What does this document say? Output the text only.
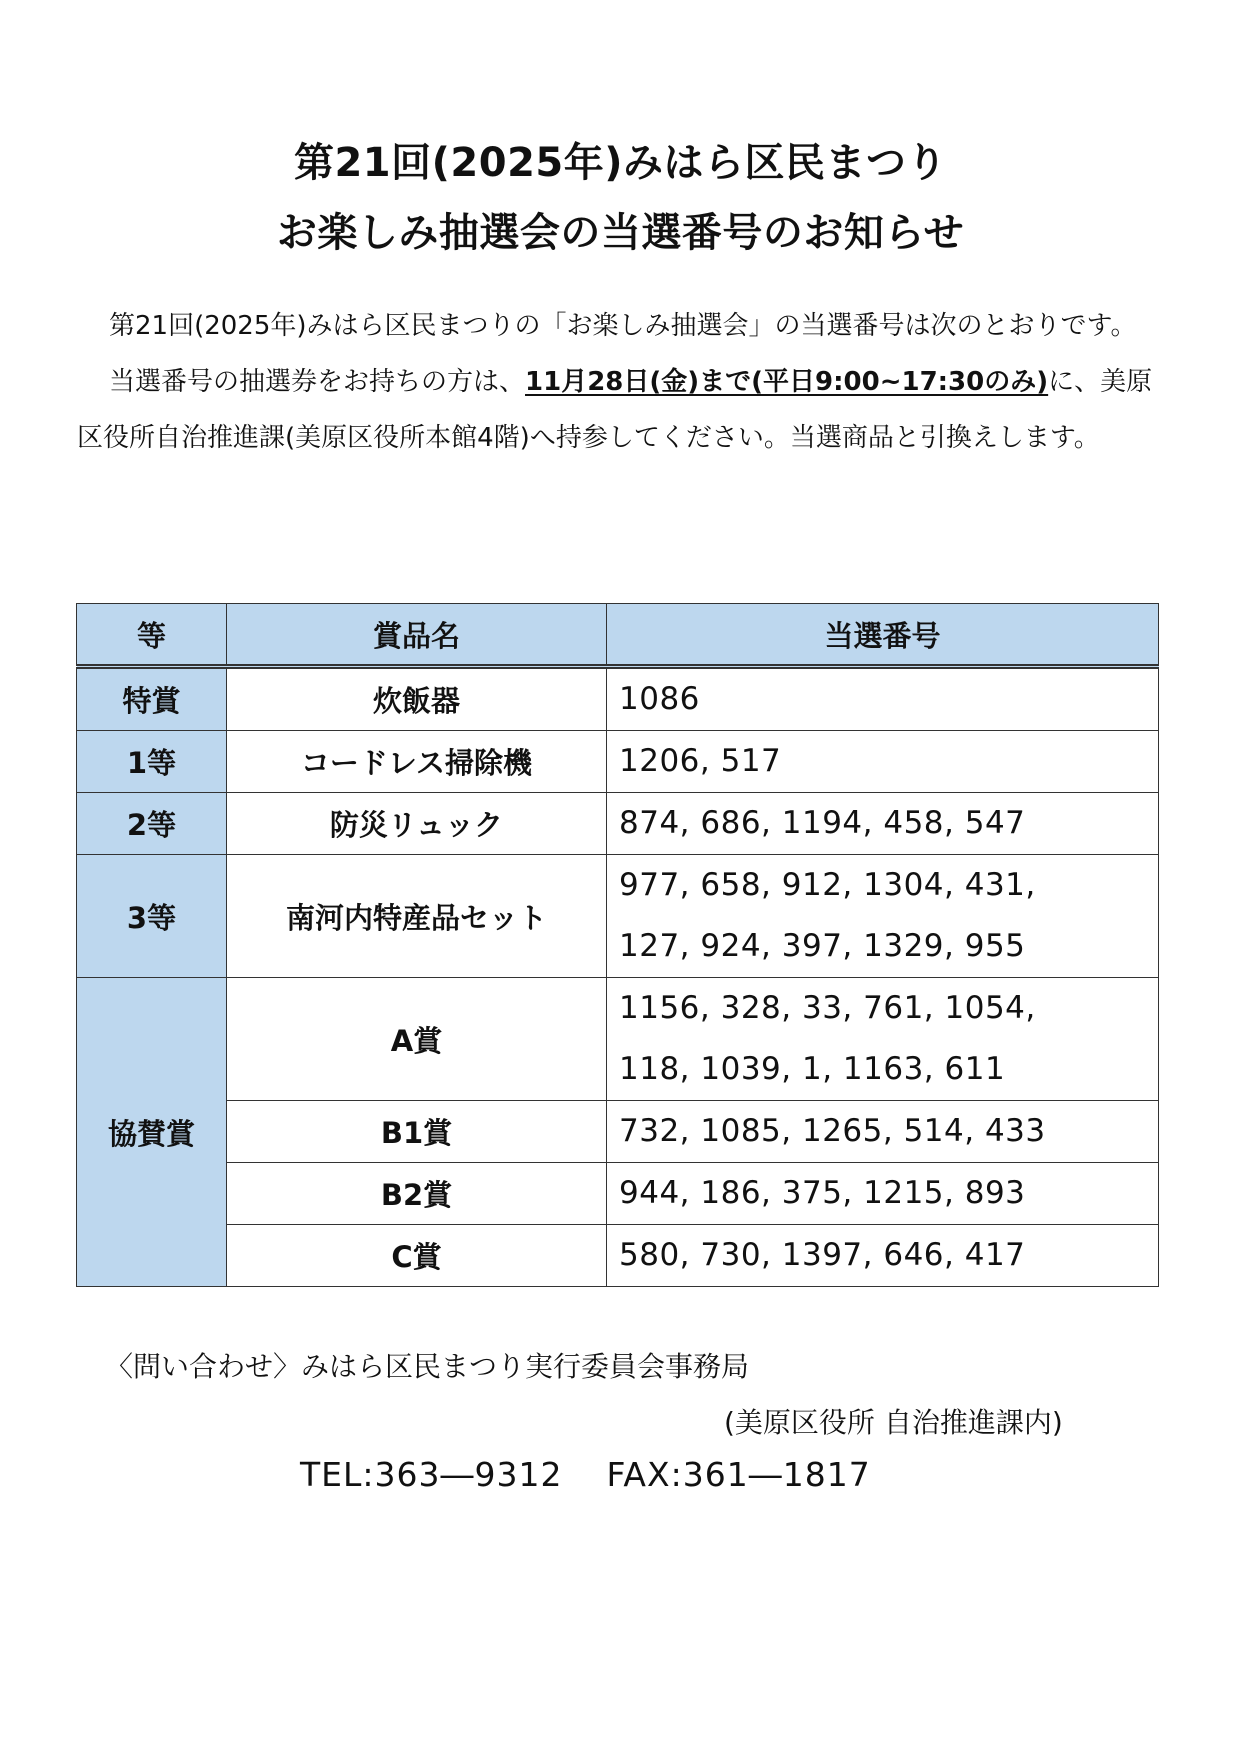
第21回(2025年)みはら区民まつり
お楽しみ抽選会の当選番号のお知らせ

第21回(2025年)みはら区民まつりの「お楽しみ抽選会」の当選番号は次のとおりです。

当選番号の抽選券をお持ちの方は、11月28日(金)まで(平日9:00~17:30のみ)に、美原区役所自治推進課(美原区役所本館4階)へ持参してください。当選商品と引換えします。

等	賞品名	当選番号
特賞	炊飯器	1086
1等	コードレス掃除機	1206, 517
2等	防災リュック	874, 686, 1194, 458, 547
3等	南河内特産品セット	977, 658, 912, 1304, 431,
127, 924, 397, 1329, 955

協賛賞	A賞	1156, 328, 33, 761, 1054,
118, 1039, 1, 1163, 611

	B1賞	732, 1085, 1265, 514, 433
	B2賞	944, 186, 375, 1215, 893
	C賞	580, 730, 1397, 646, 417
〈問い合わせ〉みはら区民まつり実行委員会事務局
(美原区役所 自治推進課内)
TEL:363―9312 FAX:361―1817
